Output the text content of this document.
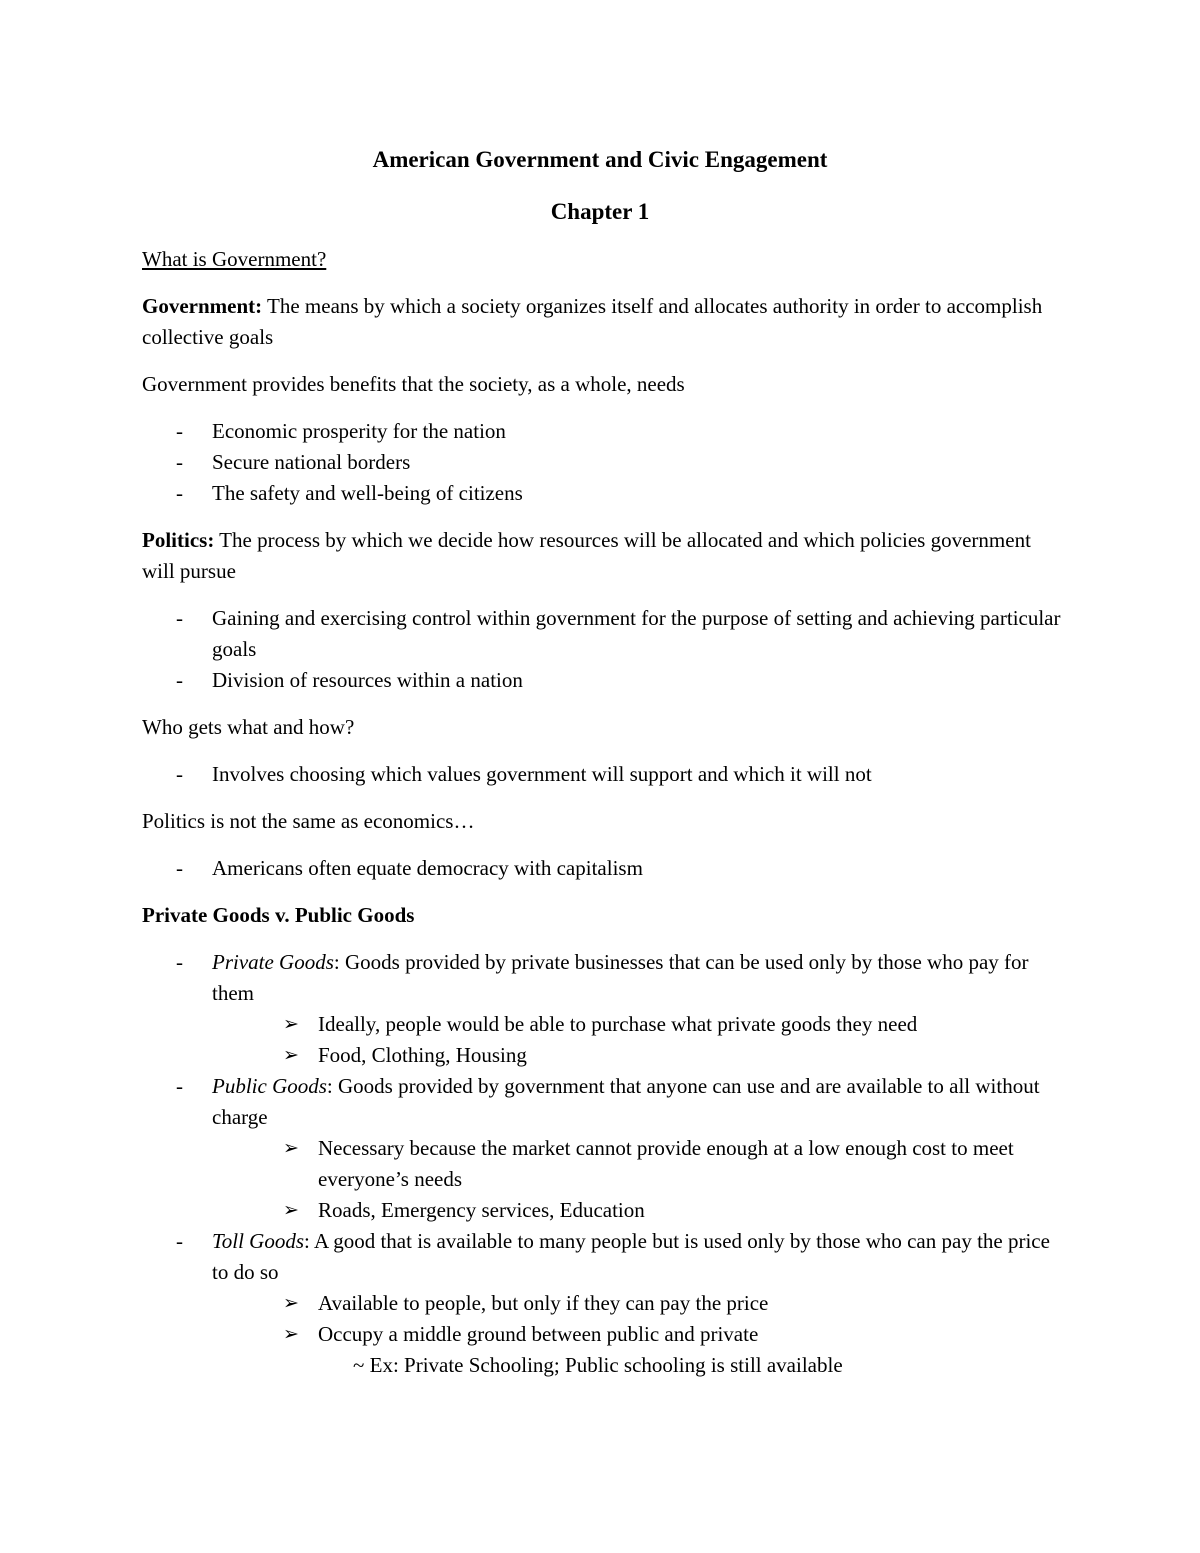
American Government and Civic Engagement
Chapter 1

What is Government?

Government: The means by which a society organizes itself and allocates authority in order to accomplish collective goals

Government provides benefits that the society, as a whole, needs

- Economic prosperity for the nation

- Secure national borders

- The safety and well-being of citizens

Politics: The process by which we decide how resources will be allocated and which policies government will pursue

- Gaining and exercising control within government for the purpose of setting and achieving particular goals

- Division of resources within a nation

Who gets what and how?

- Involves choosing which values government will support and which it will not

Politics is not the same as economics…

- Americans often equate democracy with capitalism

Private Goods v. Public Goods

- Private Goods: Goods provided by private businesses that can be used only by those who pay for them

➢ Ideally, people would be able to purchase what private goods they need

➢ Food, Clothing, Housing

- Public Goods: Goods provided by government that anyone can use and are available to all without charge

➢ Necessary because the market cannot provide enough at a low enough cost to meet everyone’s needs

➢ Roads, Emergency services, Education

- Toll Goods: A good that is available to many people but is used only by those who can pay the price to do so

➢ Available to people, but only if they can pay the price

➢ Occupy a middle ground between public and private

~ Ex: Private Schooling; Public schooling is still available
